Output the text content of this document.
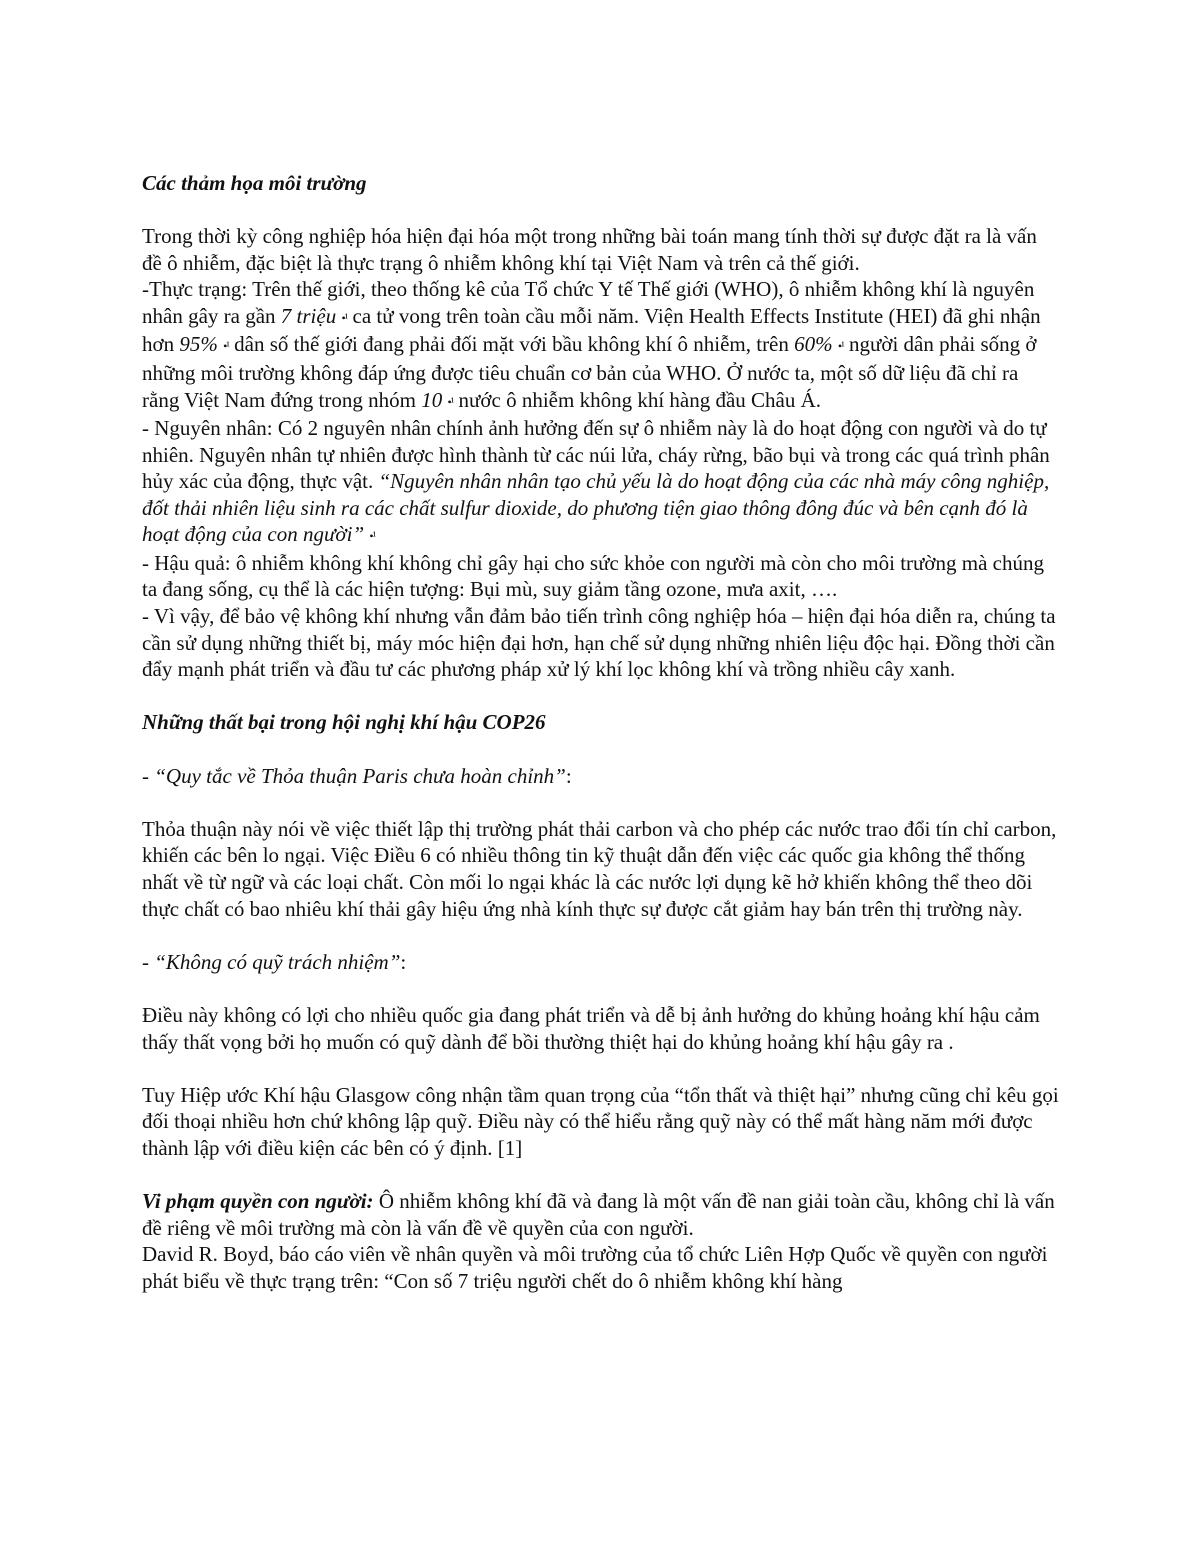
Các thảm họa môi trường

Trong thời kỳ công nghiệp hóa hiện đại hóa một trong những bài toán mang tính thời sự được đặt ra là vấn đề ô nhiễm, đặc biệt là thực trạng ô nhiễm không khí tại Việt Nam và trên cả thế giới.

-Thực trạng: Trên thế giới, theo thống kê của Tổ chức Y tế Thế giới (WHO), ô nhiễm không khí là nguyên nhân gây ra gần 7 triệu •¹ ca tử vong trên toàn cầu mỗi năm. Viện Health Effects Institute (HEI) đã ghi nhận hơn 95% •¹ dân số thế giới đang phải đối mặt với bầu không khí ô nhiễm, trên 60% •¹ người dân phải sống ở những môi trường không đáp ứng được tiêu chuẩn cơ bản của WHO. Ở nước ta, một số dữ liệu đã chỉ ra rằng Việt Nam đứng trong nhóm 10 •¹ nước ô nhiễm không khí hàng đầu Châu Á.

- Nguyên nhân: Có 2 nguyên nhân chính ảnh hưởng đến sự ô nhiễm này là do hoạt động con người và do tự nhiên. Nguyên nhân tự nhiên được hình thành từ các núi lửa, cháy rừng, bão bụi và trong các quá trình phân hủy xác của động, thực vật. “Nguyên nhân nhân tạo chủ yếu là do hoạt động của các nhà máy công nghiệp, đốt thải nhiên liệu sinh ra các chất sulfur dioxide, do phương tiện giao thông đông đúc và bên cạnh đó là hoạt động của con người” •¹

- Hậu quả: ô nhiễm không khí không chỉ gây hại cho sức khỏe con người mà còn cho môi trường mà chúng ta đang sống, cụ thể là các hiện tượng: Bụi mù, suy giảm tầng ozone, mưa axit, ….

- Vì vậy, để bảo vệ không khí nhưng vẫn đảm bảo tiến trình công nghiệp hóa – hiện đại hóa diễn ra, chúng ta cần sử dụng những thiết bị, máy móc hiện đại hơn, hạn chế sử dụng những nhiên liệu độc hại. Đồng thời cần đẩy mạnh phát triển và đầu tư các phương pháp xử lý khí lọc không khí và trồng nhiều cây xanh.

Những thất bại trong hội nghị khí hậu COP26

- “Quy tắc về Thỏa thuận Paris chưa hoàn chỉnh”:

Thỏa thuận này nói về việc thiết lập thị trường phát thải carbon và cho phép các nước trao đổi tín chỉ carbon, khiến các bên lo ngại. Việc Điều 6 có nhiều thông tin kỹ thuật dẫn đến việc các quốc gia không thể thống nhất về từ ngữ và các loại chất. Còn mối lo ngại khác là các nước lợi dụng kẽ hở khiến không thể theo dõi thực chất có bao nhiêu khí thải gây hiệu ứng nhà kính thực sự được cắt giảm hay bán trên thị trường này.

- “Không có quỹ trách nhiệm”:

Điều này không có lợi cho nhiều quốc gia đang phát triển và dễ bị ảnh hưởng do khủng hoảng khí hậu cảm thấy thất vọng bởi họ muốn có quỹ dành để bồi thường thiệt hại do khủng hoảng khí hậu gây ra .

Tuy Hiệp ước Khí hậu Glasgow công nhận tầm quan trọng của “tổn thất và thiệt hại” nhưng cũng chỉ kêu gọi đối thoại nhiều hơn chứ không lập quỹ. Điều này có thể hiểu rằng quỹ này có thể mất hàng năm mới được thành lập với điều kiện các bên có ý định. [1]

Vi phạm quyền con người: Ô nhiễm không khí đã và đang là một vấn đề nan giải toàn cầu, không chỉ là vấn đề riêng về môi trường mà còn là vấn đề về quyền của con người.

David R. Boyd, báo cáo viên về nhân quyền và môi trường của tổ chức Liên Hợp Quốc về quyền con người phát biểu về thực trạng trên: “Con số 7 triệu người chết do ô nhiễm không khí hàng
